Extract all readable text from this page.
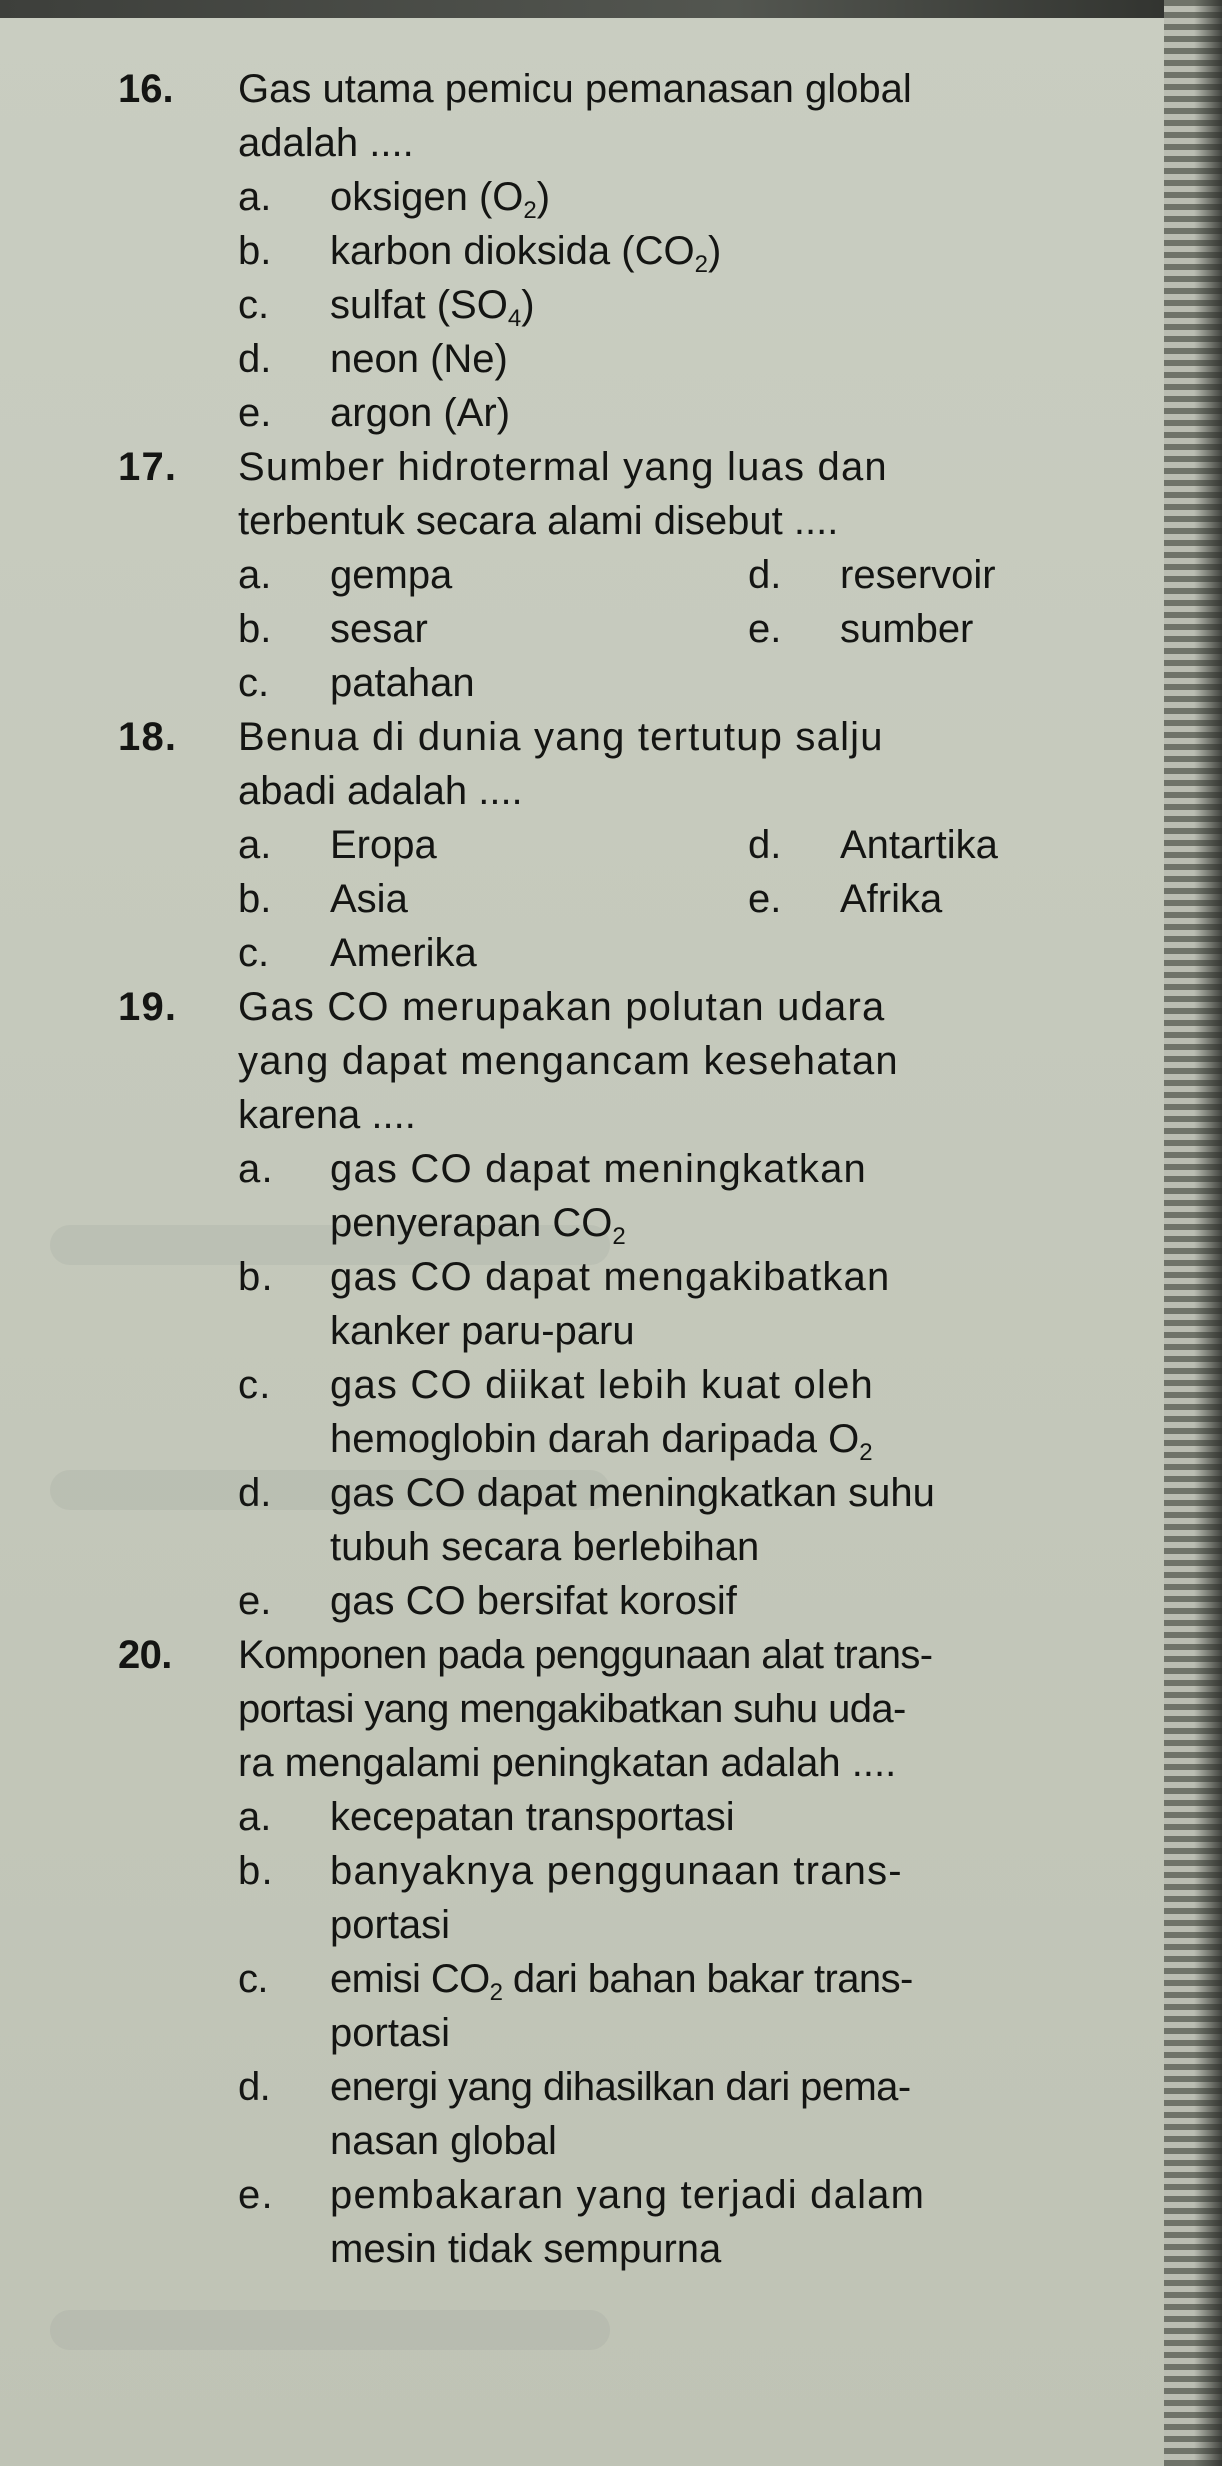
16. Gas utama pemicu pemanasan global
adalah ....
a. oksigen $(O_2)$
b. karbon dioksida $(CO_2)$
c. sulfat $(SO_4)$
d. neon (Ne)
e. argon (Ar)
17. Sumber hidrotermal yang luas dan
terbentuk secara alami disebut ....
a. gempa	d. reservoir
b. sesar	e. sumber
c. patahan
18. Benua di dunia yang tertutup salju
abadi adalah ....
a. Eropa	d. Antartika
b. Asia	e. Afrika
c. Amerika
19. Gas CO merupakan polutan udara
yang dapat mengancam kesehatan
karena ....
a. gas CO dapat meningkatkan
penyerapan $CO_2$
b. gas CO dapat mengakibatkan
kanker paru-paru
c. gas CO diikat lebih kuat oleh
hemoglobin darah daripada $O_2$
d. gas CO dapat meningkatkan suhu
tubuh secara berlebihan
e. gas CO bersifat korosif
20. Komponen pada penggunaan alat trans-
portasi yang mengakibatkan suhu uda-
ra mengalami peningkatan adalah ....
a. kecepatan transportasi
b. banyaknya penggunaan trans-
portasi
c. emisi $CO_2$ dari bahan bakar trans-
portasi
d. energi yang dihasilkan dari pema-
nasan global
e. pembakaran yang terjadi dalam
mesin tidak sempurna
